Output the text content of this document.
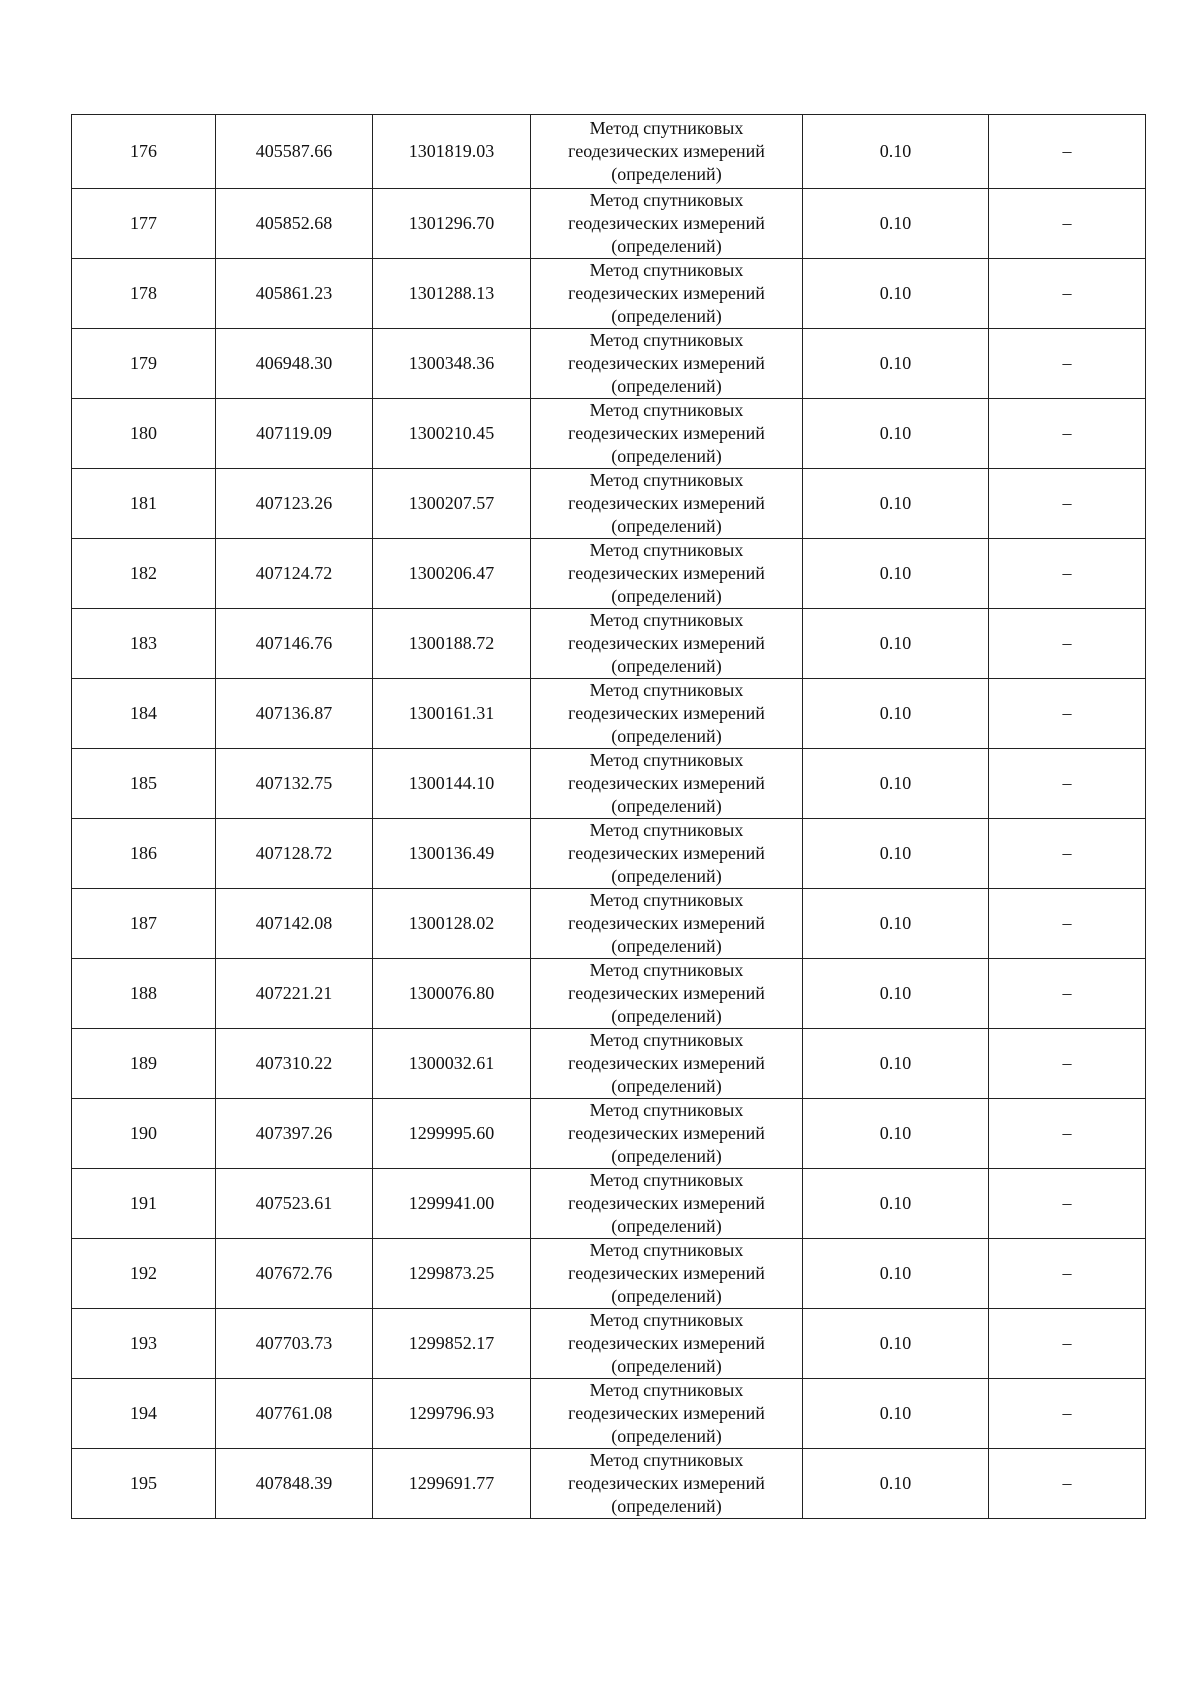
176	405587.66	1301819.03	Метод спутниковых
геодезических измерений
(определений)	0.10	–
177	405852.68	1301296.70	Метод спутниковых
геодезических измерений
(определений)	0.10	–
178	405861.23	1301288.13	Метод спутниковых
геодезических измерений
(определений)	0.10	–
179	406948.30	1300348.36	Метод спутниковых
геодезических измерений
(определений)	0.10	–
180	407119.09	1300210.45	Метод спутниковых
геодезических измерений
(определений)	0.10	–
181	407123.26	1300207.57	Метод спутниковых
геодезических измерений
(определений)	0.10	–
182	407124.72	1300206.47	Метод спутниковых
геодезических измерений
(определений)	0.10	–
183	407146.76	1300188.72	Метод спутниковых
геодезических измерений
(определений)	0.10	–
184	407136.87	1300161.31	Метод спутниковых
геодезических измерений
(определений)	0.10	–
185	407132.75	1300144.10	Метод спутниковых
геодезических измерений
(определений)	0.10	–
186	407128.72	1300136.49	Метод спутниковых
геодезических измерений
(определений)	0.10	–
187	407142.08	1300128.02	Метод спутниковых
геодезических измерений
(определений)	0.10	–
188	407221.21	1300076.80	Метод спутниковых
геодезических измерений
(определений)	0.10	–
189	407310.22	1300032.61	Метод спутниковых
геодезических измерений
(определений)	0.10	–
190	407397.26	1299995.60	Метод спутниковых
геодезических измерений
(определений)	0.10	–
191	407523.61	1299941.00	Метод спутниковых
геодезических измерений
(определений)	0.10	–
192	407672.76	1299873.25	Метод спутниковых
геодезических измерений
(определений)	0.10	–
193	407703.73	1299852.17	Метод спутниковых
геодезических измерений
(определений)	0.10	–
194	407761.08	1299796.93	Метод спутниковых
геодезических измерений
(определений)	0.10	–
195	407848.39	1299691.77	Метод спутниковых
геодезических измерений
(определений)	0.10	–
